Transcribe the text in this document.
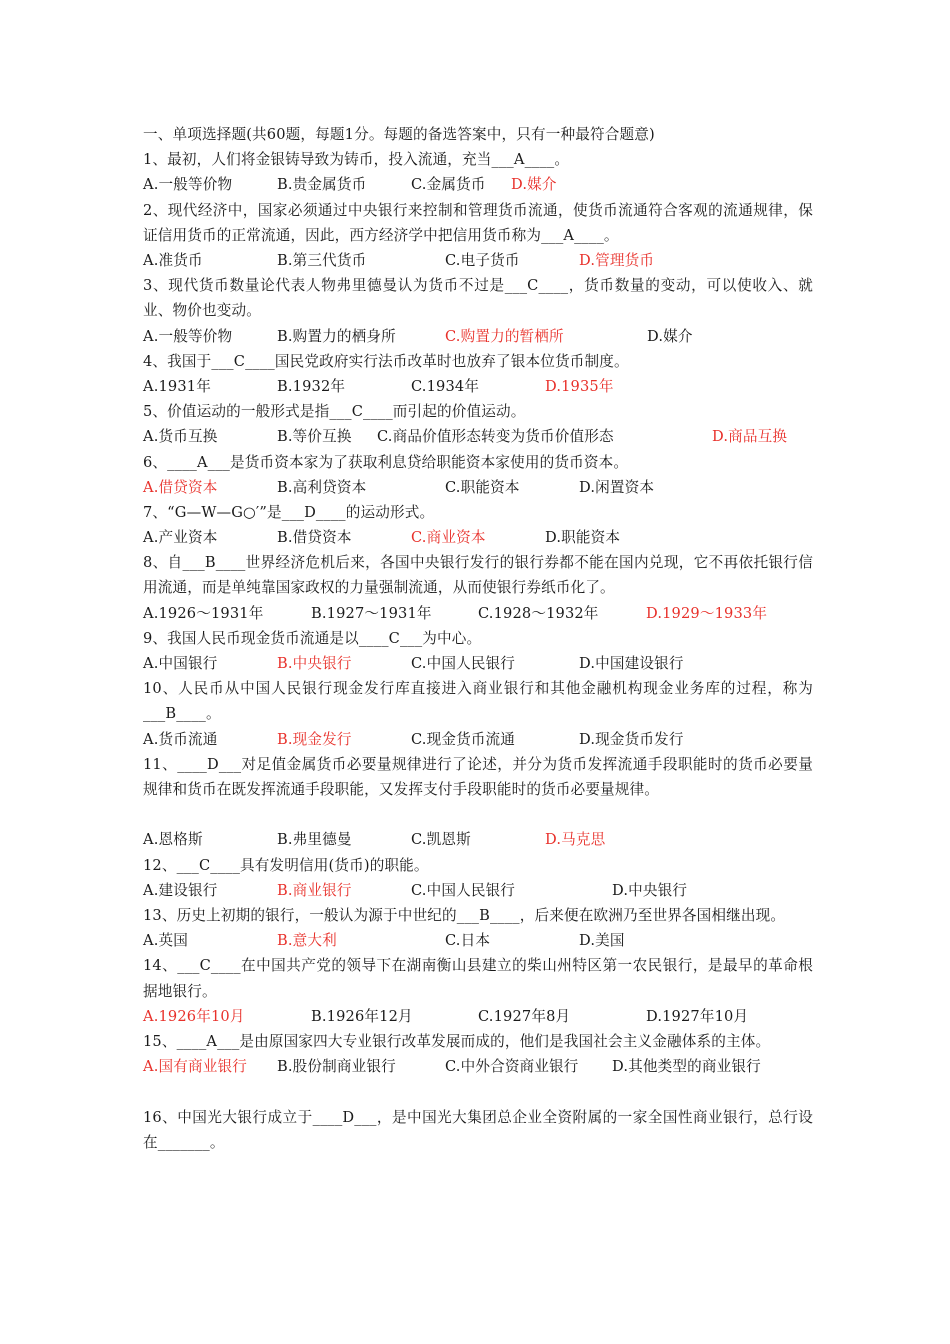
一、单项选择题(共60题，每题1分。每题的备选答案中，只有一种最符合题意)
1、最初，人们将金银铸导致为铸币，投入流通，充当___A____。
A.一般等价物	B.贵金属货币	C.金属货币 D.媒介
2、现代经济中，国家必须通过中央银行来控制和管理货币流通，使货币流通符合客观的流通规律，保证信用货币的正常流通，因此，西方经济学中把信用货币称为___A____。
A.准货币	B.第三代货币	C.电子货币	D.管理货币
3、现代货币数量论代表人物弗里德曼认为货币不过是___C____，货币数量的变动，可以使收入、就业、物价也变动。
A.一般等价物	B.购置力的栖身所	C.购置力的暂栖所	D.媒介
4、我国于___C____国民党政府实行法币改革时也放弃了银本位货币制度。
A.1931年	B.1932年	C.1934年	D.1935年
5、价值运动的一般形式是指___C____而引起的价值运动。
A.货币互换	B.等价互换 C.商品价值形态转变为货币价值形态	D.商品互换
6、____A___是货币资本家为了获取利息贷给职能资本家使用的货币资本。
A.借贷资本	B.高利贷资本	C.职能资本	D.闲置资本
7、“G—W—G○′”是___D____的运动形式。
A.产业资本	B.借贷资本	C.商业资本	D.职能资本
8、自___B____世界经济危机后来，各国中央银行发行的银行券都不能在国内兑现，它不再依托银行信用流通，而是单纯靠国家政权的力量强制流通，从而使银行券纸币化了。
A.1926～1931年	B.1927～1931年	C.1928～1932年	D.1929～1933年
9、我国人民币现金货币流通是以____C___为中心。
A.中国银行	B.中央银行	C.中国人民银行	D.中国建设银行
10、人民币从中国人民银行现金发行库直接进入商业银行和其他金融机构现金业务库的过程，称为___B____。
A.货币流通	B.现金发行	C.现金货币流通	D.现金货币发行
11、____D___对足值金属货币必要量规律进行了论述，并分为货币发挥流通手段职能时的货币必要量规律和货币在既发挥流通手段职能，又发挥支付手段职能时的货币必要量规律。
A.恩格斯	B.弗里德曼	C.凯恩斯	D.马克思
12、___C____具有发明信用(货币)的职能。
A.建设银行	B.商业银行	C.中国人民银行	D.中央银行
13、历史上初期的银行，一般认为源于中世纪的___B____，后来便在欧洲乃至世界各国相继出现。
A.英国	B.意大利	C.日本	D.美国
14、___C____在中国共产党的领导下在湖南衡山县建立的柴山州特区第一农民银行，是最早的革命根据地银行。
A.1926年10月	B.1926年12月	C.1927年8月	D.1927年10月
15、____A___是由原国家四大专业银行改革发展而成的，他们是我国社会主义金融体系的主体。
A.国有商业银行 B.股份制商业银行	C.中外合资商业银行 D.其他类型的商业银行
16、中国光大银行成立于____D___，是中国光大集团总企业全资附属的一家全国性商业银行，总行设在_______。
